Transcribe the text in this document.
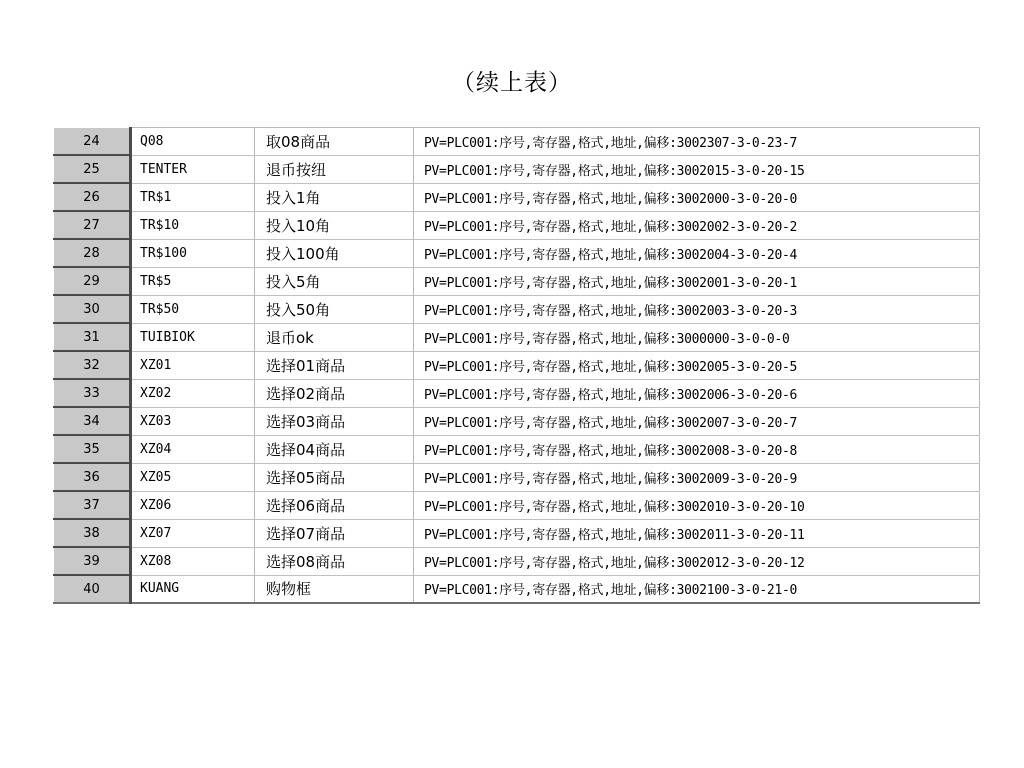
（续上表）
24	Q08	取08商品	PV=PLC001:序号,寄存器,格式,地址,偏移:3002307-3-0-23-7
25	TENTER	退币按纽	PV=PLC001:序号,寄存器,格式,地址,偏移:3002015-3-0-20-15
26	TR$1	投入1角	PV=PLC001:序号,寄存器,格式,地址,偏移:3002000-3-0-20-0
27	TR$10	投入10角	PV=PLC001:序号,寄存器,格式,地址,偏移:3002002-3-0-20-2
28	TR$100	投入100角	PV=PLC001:序号,寄存器,格式,地址,偏移:3002004-3-0-20-4
29	TR$5	投入5角	PV=PLC001:序号,寄存器,格式,地址,偏移:3002001-3-0-20-1
30	TR$50	投入50角	PV=PLC001:序号,寄存器,格式,地址,偏移:3002003-3-0-20-3
31	TUIBIOK	退币ok	PV=PLC001:序号,寄存器,格式,地址,偏移:3000000-3-0-0-0
32	XZ01	选择01商品	PV=PLC001:序号,寄存器,格式,地址,偏移:3002005-3-0-20-5
33	XZ02	选择02商品	PV=PLC001:序号,寄存器,格式,地址,偏移:3002006-3-0-20-6
34	XZ03	选择03商品	PV=PLC001:序号,寄存器,格式,地址,偏移:3002007-3-0-20-7
35	XZ04	选择04商品	PV=PLC001:序号,寄存器,格式,地址,偏移:3002008-3-0-20-8
36	XZ05	选择05商品	PV=PLC001:序号,寄存器,格式,地址,偏移:3002009-3-0-20-9
37	XZ06	选择06商品	PV=PLC001:序号,寄存器,格式,地址,偏移:3002010-3-0-20-10
38	XZ07	选择07商品	PV=PLC001:序号,寄存器,格式,地址,偏移:3002011-3-0-20-11
39	XZ08	选择08商品	PV=PLC001:序号,寄存器,格式,地址,偏移:3002012-3-0-20-12
40	KUANG	购物框	PV=PLC001:序号,寄存器,格式,地址,偏移:3002100-3-0-21-0
